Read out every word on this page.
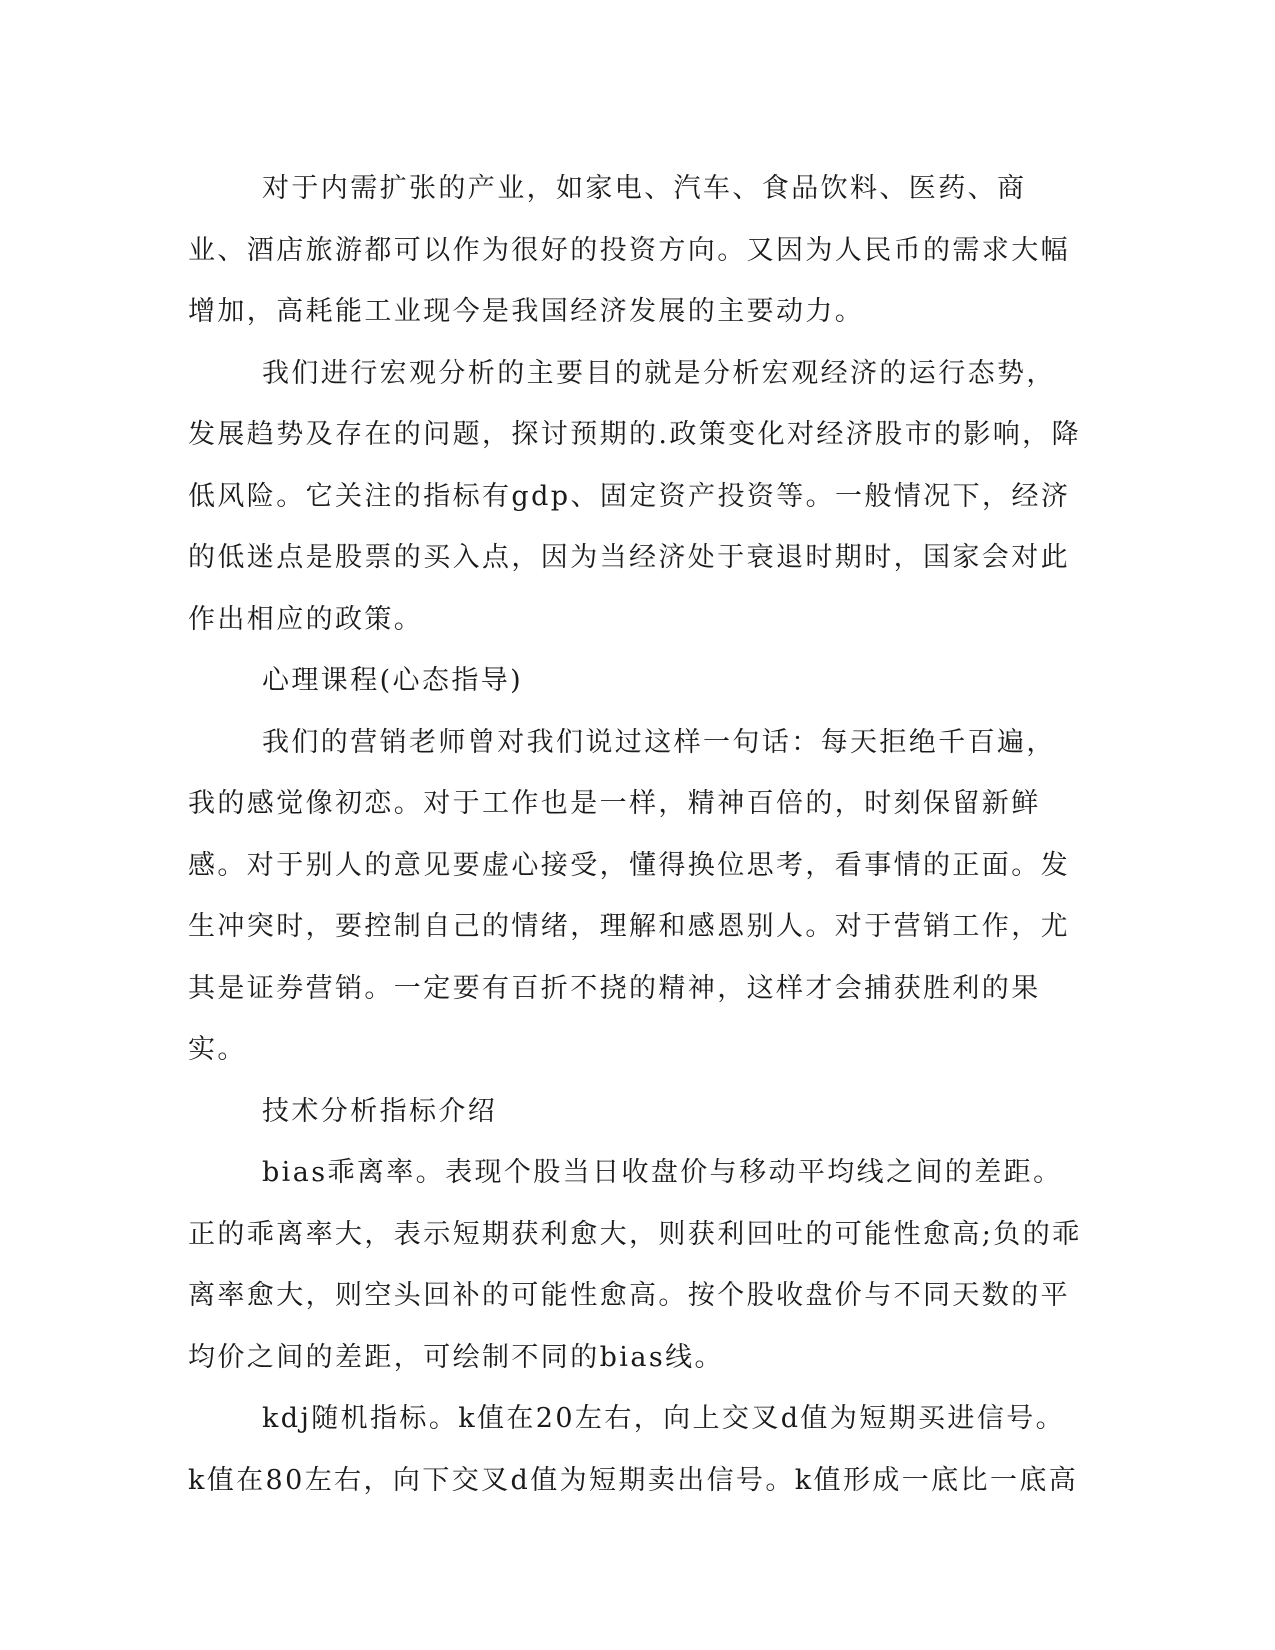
对于内需扩张的产业，如家电、汽车、食品饮料、医药、商业、酒店旅游都可以作为很好的投资方向。又因为人民币的需求大幅增加，高耗能工业现今是我国经济发展的主要动力。

我们进行宏观分析的主要目的就是分析宏观经济的运行态势，发展趋势及存在的问题，探讨预期的.政策变化对经济股市的影响，降低风险。它关注的指标有gdp、固定资产投资等。一般情况下，经济的低迷点是股票的买入点，因为当经济处于衰退时期时，国家会对此作出相应的政策。

心理课程(心态指导)

我们的营销老师曾对我们说过这样一句话：每天拒绝千百遍，我的感觉像初恋。对于工作也是一样，精神百倍的，时刻保留新鲜感。对于别人的意见要虚心接受，懂得换位思考，看事情的正面。发生冲突时，要控制自己的情绪，理解和感恩别人。对于营销工作，尤其是证券营销。一定要有百折不挠的精神，这样才会捕获胜利的果实。

技术分析指标介绍

bias乖离率。表现个股当日收盘价与移动平均线之间的差距。正的乖离率大，表示短期获利愈大，则获利回吐的可能性愈高;负的乖离率愈大，则空头回补的可能性愈高。按个股收盘价与不同天数的平均价之间的差距，可绘制不同的bias线。

kdj随机指标。k值在20左右，向上交叉d值为短期买进信号。k值在80左右，向下交叉d值为短期卖出信号。k值形成一底比一底高
